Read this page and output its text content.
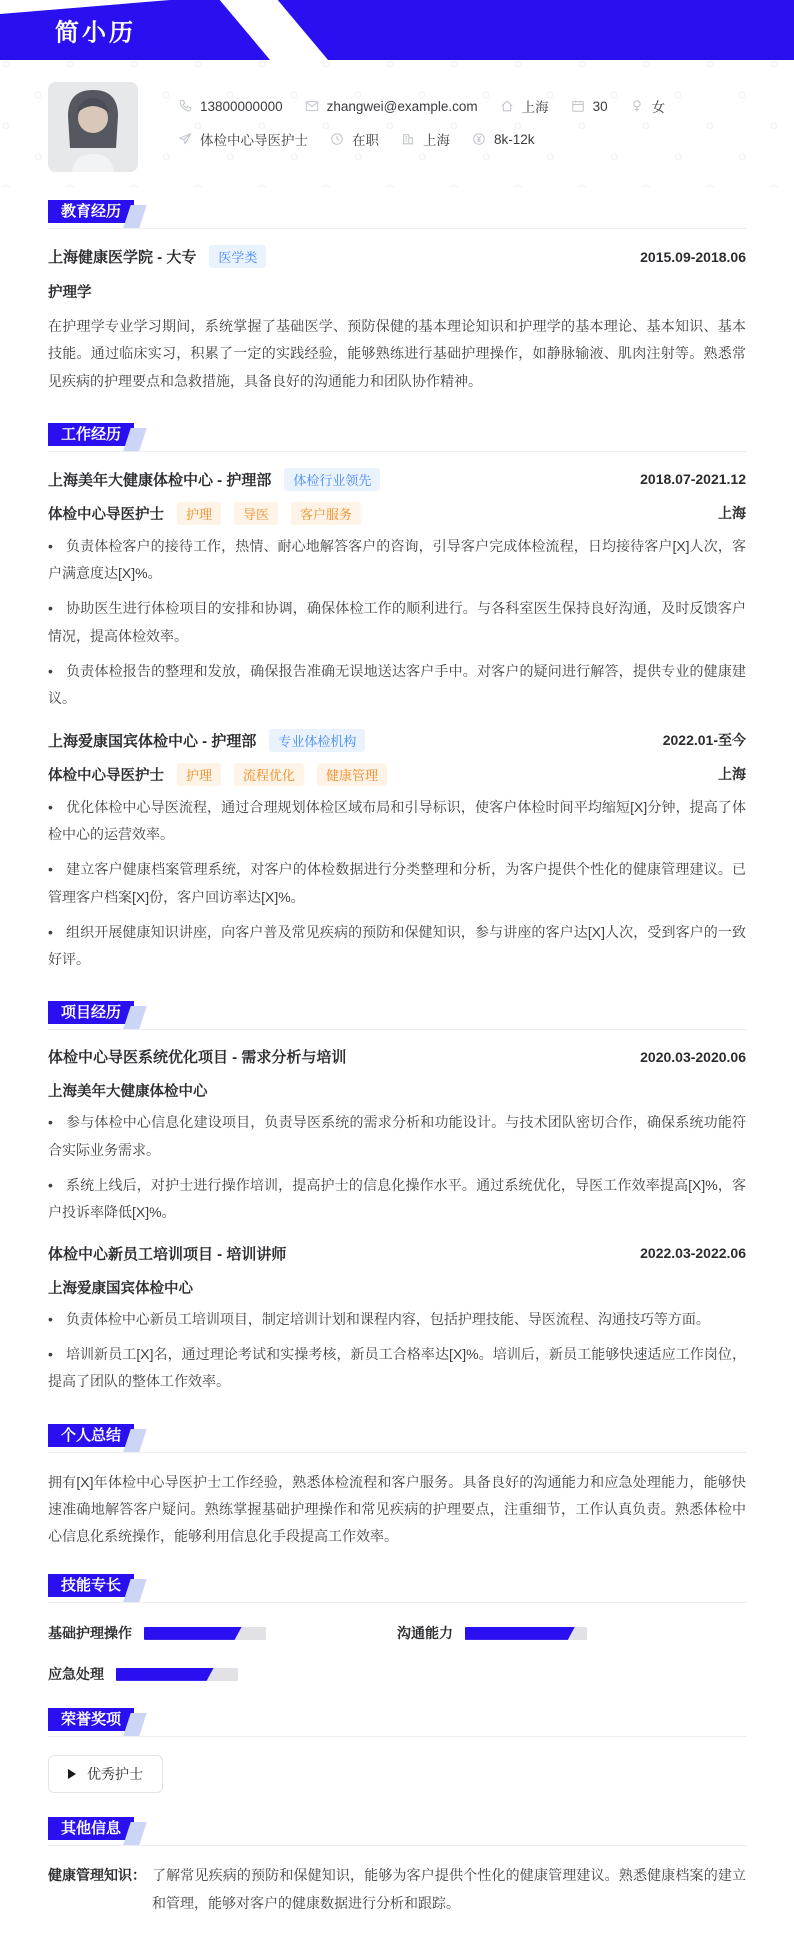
简小历
13800000000	zhangwei@example.com	上海	30	女
体检中心导医护士	在职	上海	8k-12k
教育经历
上海健康医学院 - 大专	医学类	2015.09-2018.06
护理学

在护理学专业学习期间，系统掌握了基础医学、预防保健的基本理论知识和护理学的基本理论、基本知识、基本技能。通过临床实习，积累了一定的实践经验，能够熟练进行基础护理操作，如静脉输液、肌肉注射等。熟悉常见疾病的护理要点和急救措施，具备良好的沟通能力和团队协作精神。

工作经历
上海美年大健康体检中心 - 护理部	体检行业领先	2018.07-2021.12
体检中心导医护士	护理	导医	客户服务	上海
• 负责体检客户的接待工作，热情、耐心地解答客户的咨询，引导客户完成体检流程，日均接待客户[X]人次，客户满意度达[X]%。
• 协助医生进行体检项目的安排和协调，确保体检工作的顺利进行。与各科室医生保持良好沟通，及时反馈客户情况，提高体检效率。
• 负责体检报告的整理和发放，确保报告准确无误地送达客户手中。对客户的疑问进行解答，提供专业的健康建议。
上海爱康国宾体检中心 - 护理部	专业体检机构	2022.01-至今
体检中心导医护士	护理	流程优化	健康管理	上海
• 优化体检中心导医流程，通过合理规划体检区域布局和引导标识，使客户体检时间平均缩短[X]分钟，提高了体检中心的运营效率。
• 建立客户健康档案管理系统，对客户的体检数据进行分类整理和分析，为客户提供个性化的健康管理建议。已管理客户档案[X]份，客户回访率达[X]%。
• 组织开展健康知识讲座，向客户普及常见疾病的预防和保健知识，参与讲座的客户达[X]人次，受到客户的一致好评。
项目经历
体检中心导医系统优化项目 - 需求分析与培训	2020.03-2020.06
上海美年大健康体检中心
• 参与体检中心信息化建设项目，负责导医系统的需求分析和功能设计。与技术团队密切合作，确保系统功能符合实际业务需求。
• 系统上线后，对护士进行操作培训，提高护士的信息化操作水平。通过系统优化，导医工作效率提高[X]%，客户投诉率降低[X]%。
体检中心新员工培训项目 - 培训讲师	2022.03-2022.06
上海爱康国宾体检中心
• 负责体检中心新员工培训项目，制定培训计划和课程内容，包括护理技能、导医流程、沟通技巧等方面。
• 培训新员工[X]名，通过理论考试和实操考核，新员工合格率达[X]%。培训后，新员工能够快速适应工作岗位，提高了团队的整体工作效率。
个人总结

拥有[X]年体检中心导医护士工作经验，熟悉体检流程和客户服务。具备良好的沟通能力和应急处理能力，能够快速准确地解答客户疑问。熟练掌握基础护理操作和常见疾病的护理要点，注重细节，工作认真负责。熟悉体检中心信息化系统操作，能够利用信息化手段提高工作效率。

技能专长
基础护理操作	沟通能力
应急处理
荣誉奖项
优秀护士
其他信息
健康管理知识： 了解常见疾病的预防和保健知识，能够为客户提供个性化的健康管理建议。熟悉健康档案的建立和管理，能够对客户的健康数据进行分析和跟踪。
